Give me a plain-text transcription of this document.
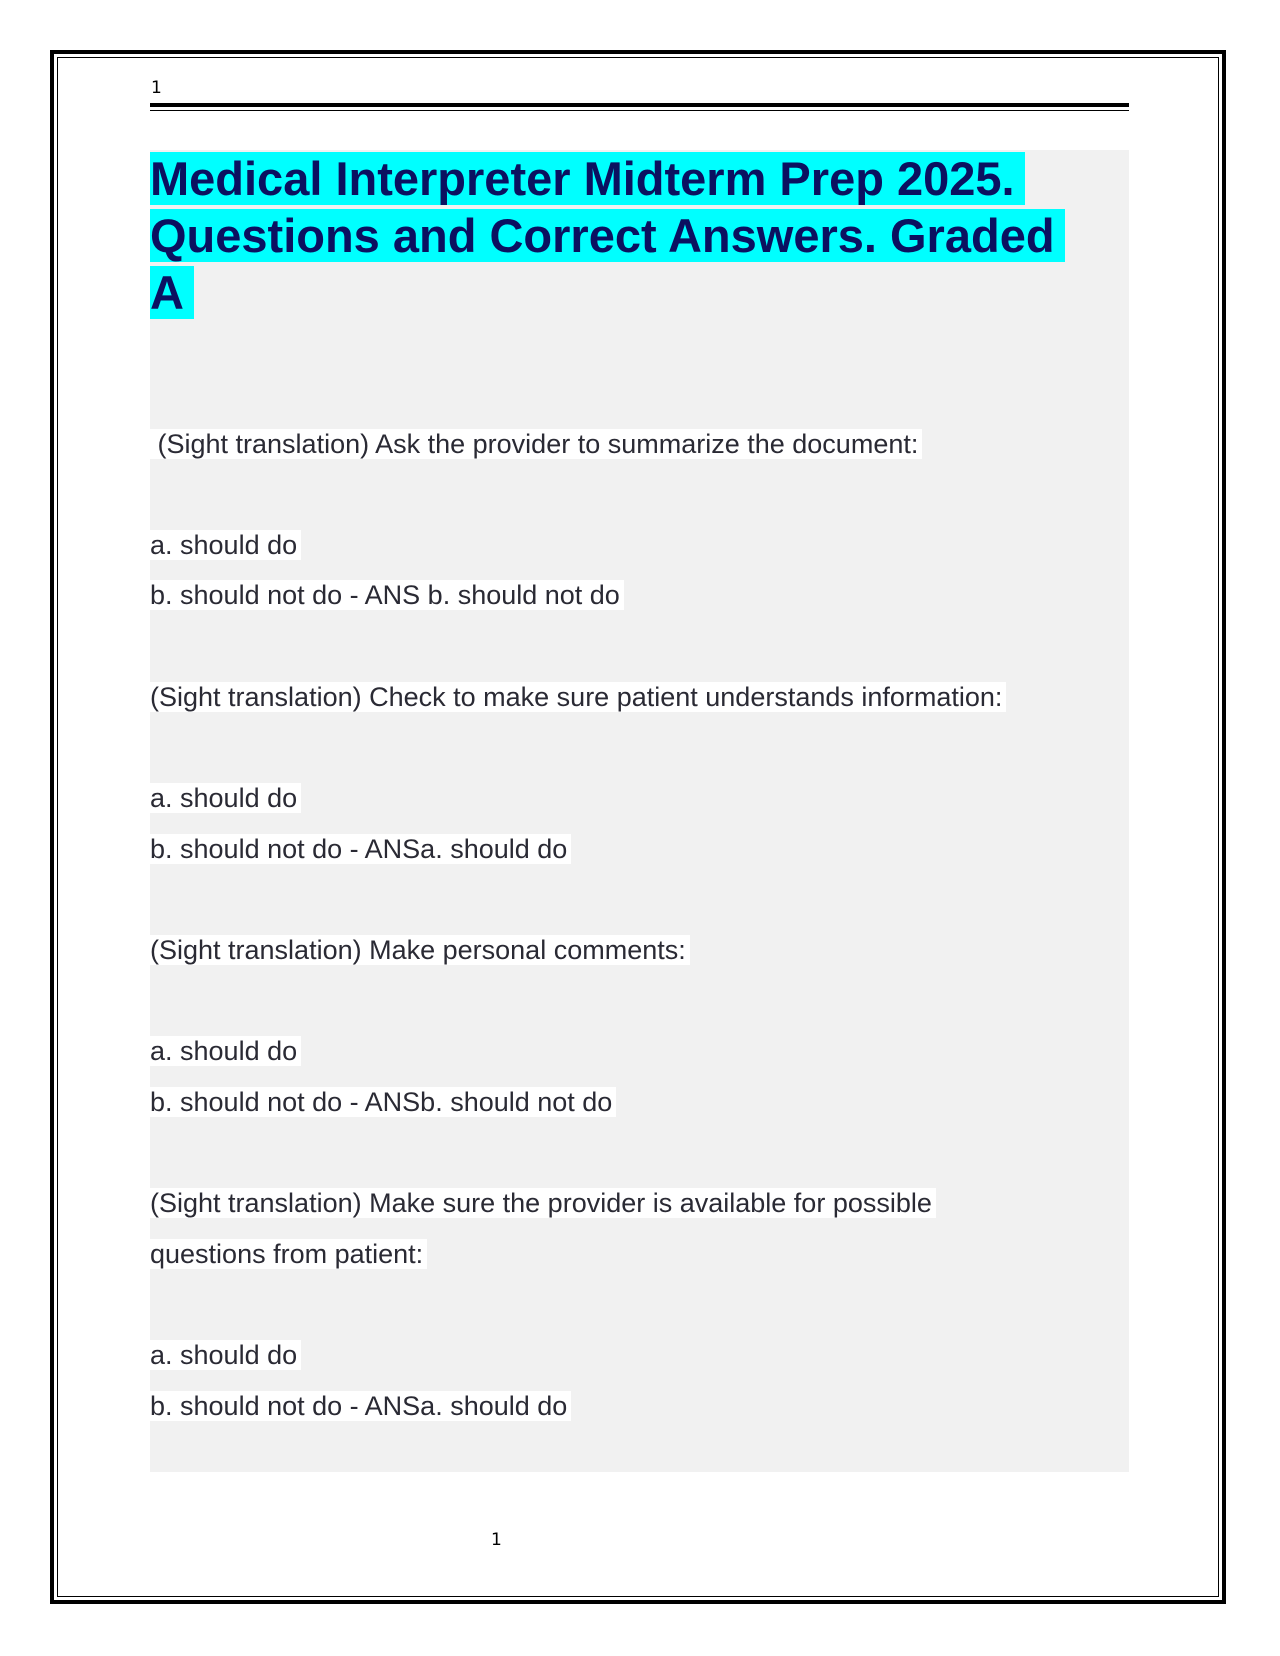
1
Medical Interpreter Midterm Prep 2025.
Questions and Correct Answers. Graded
A
(Sight translation) Ask the provider to summarize the document:
a. should do
b. should not do - ANS b. should not do
(Sight translation) Check to make sure patient understands information:
a. should do
b. should not do - ANSa. should do
(Sight translation) Make personal comments:
a. should do
b. should not do - ANSb. should not do
(Sight translation) Make sure the provider is available for possible
questions from patient:
a. should do
b. should not do - ANSa. should do
1
